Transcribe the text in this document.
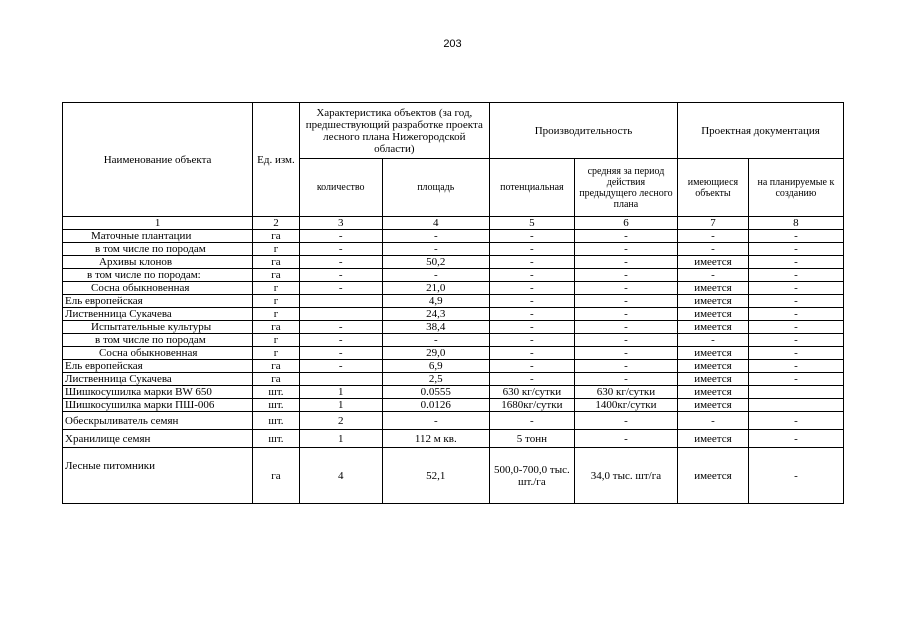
203
Наименование объекта	Ед. изм.	Характеристика объектов (за год, предшествующий разработке проекта лесного плана Нижегородской области)		Производительность		Проектная документация	
		количество	площадь	потенциальная	средняя за период действия предыдущего лесного плана	имеющиеся объекты	на планируемые к созданию
1	2	3	4	5	6	7	8
Маточные плантации	га	-	-	-	-	-	-
в том числе по породам	г	-	-	-	-	-	-
Архивы клонов	га	-	50,2	-	-	имеется	-
в том числе по породам:	га	-	-	-	-	-	-
Сосна обыкновенная	г	-	21,0	-	-	имеется	-
Ель европейская	г		4,9	-	-	имеется	-
Лиственница Сукачева	г		24,3	-	-	имеется	-
Испытательные культуры	га	-	38,4	-	-	имеется	-
в том числе по породам	г	-	-	-	-	-	-
Сосна обыкновенная	г	-	29,0	-	-	имеется	-
Ель европейская	га	-	6,9	-	-	имеется	-
Лиственница Сукачева	га		2,5	-	-	имеется	-
Шишкосушилка марки BW 650	шт.	1	0.0555	630 кг/сутки	630 кг/сутки	имеется	
Шишкосушилка марки ПШ-006	шт.	1	0.0126	1680кг/сутки	1400кг/сутки	имеется	
Обескрыливатель семян	шт.	2	-	-	-	-	-
Хранилище семян	шт.	1	112 м кв.	5 тонн	-	имеется	-
Лесные питомники	га	4	52,1	500,0-700,0 тыс. шт./га	34,0 тыс. шт/га	имеется	-
